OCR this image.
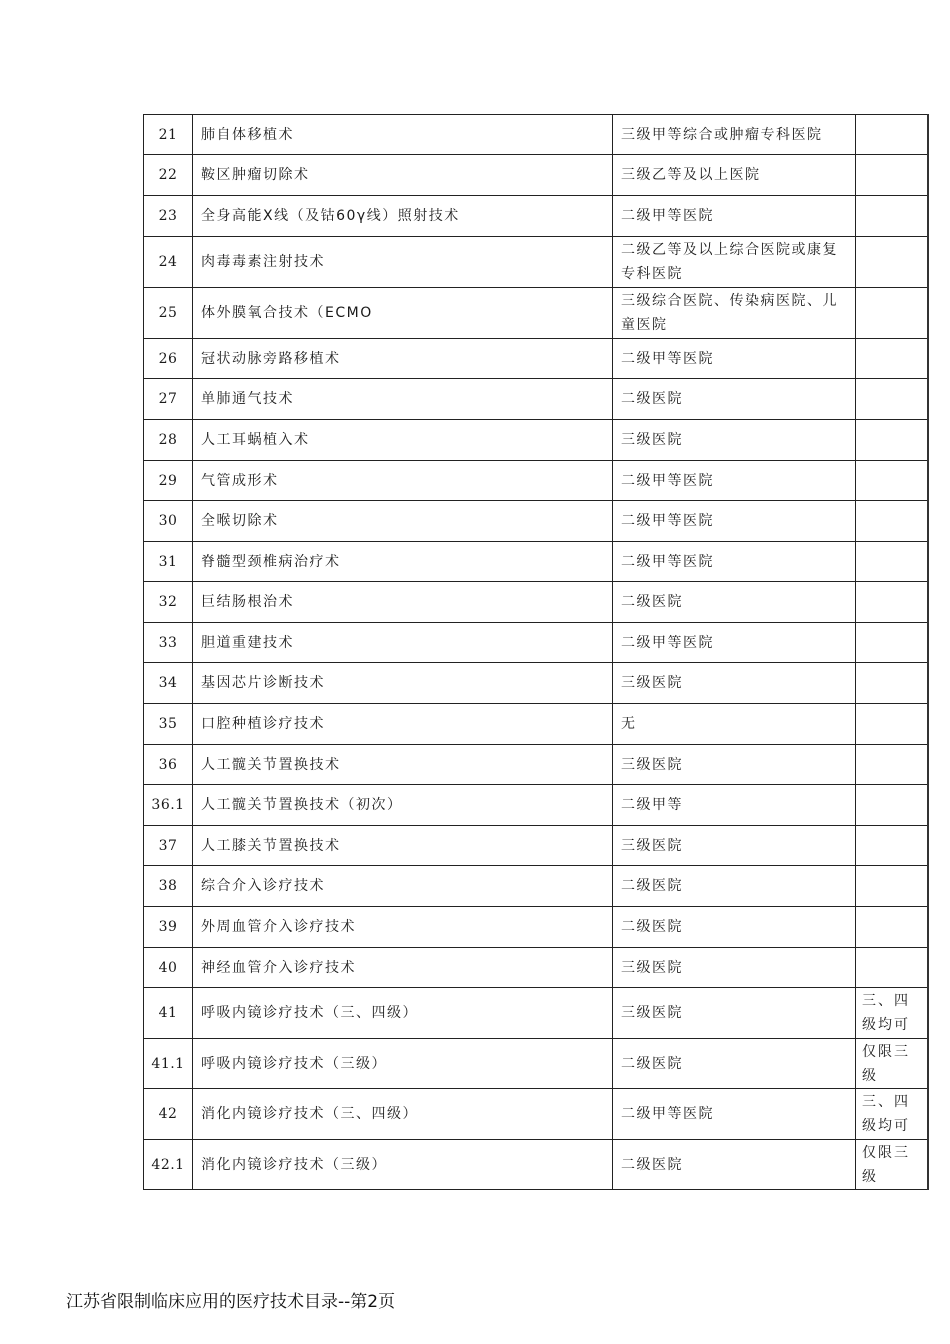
21	肺自体移植术	三级甲等综合或肿瘤专科医院	
22	鞍区肿瘤切除术	三级乙等及以上医院	
23	全身高能X线（及钴60γ线）照射技术	二级甲等医院	
24	肉毒毒素注射技术	二级乙等及以上综合医院或康复专科医院	
25	体外膜氧合技术（ECMO	三级综合医院、传染病医院、儿童医院	
26	冠状动脉旁路移植术	二级甲等医院	
27	单肺通气技术	二级医院	
28	人工耳蜗植入术	三级医院	
29	气管成形术	二级甲等医院	
30	全喉切除术	二级甲等医院	
31	脊髓型颈椎病治疗术	二级甲等医院	
32	巨结肠根治术	二级医院	
33	胆道重建技术	二级甲等医院	
34	基因芯片诊断技术	三级医院	
35	口腔种植诊疗技术	无	
36	人工髋关节置换技术	三级医院	
36.1	人工髋关节置换技术（初次）	二级甲等	
37	人工膝关节置换技术	三级医院	
38	综合介入诊疗技术	二级医院	
39	外周血管介入诊疗技术	二级医院	
40	神经血管介入诊疗技术	三级医院	
41	呼吸内镜诊疗技术（三、四级）	三级医院	三、四级均可
41.1	呼吸内镜诊疗技术（三级）	二级医院	仅限三级
42	消化内镜诊疗技术（三、四级）	二级甲等医院	三、四级均可
42.1	消化内镜诊疗技术（三级）	二级医院	仅限三级
江苏省限制临床应用的医疗技术目录--第2页
